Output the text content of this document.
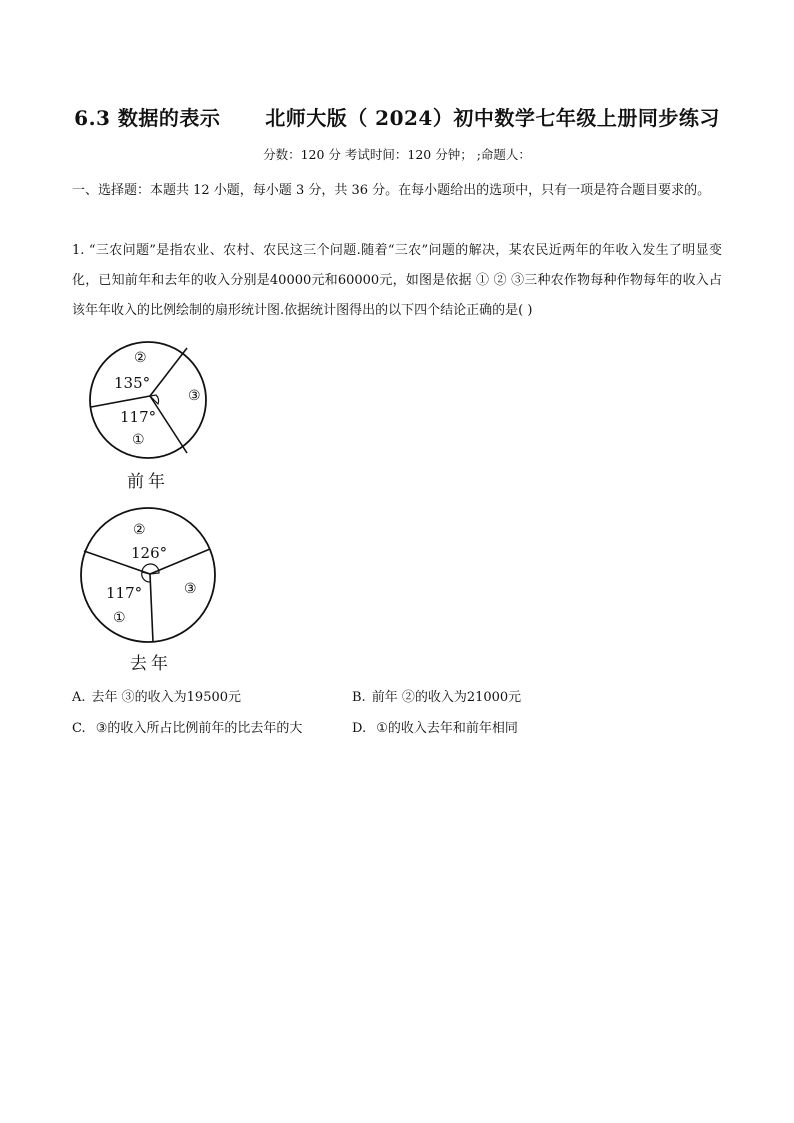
6.3 数据的表示      北师大版（ 2024）初中数学七年级上册同步练习
分数：120 分 考试时间：120 分钟； ;命题人：
一、选择题：本题共 12 小题，每小题 3 分，共 36 分。在每小题给出的选项中，只有一项是符合题目要求的。
1. “三农问题”是指农业、农村、农民这三个问题.随着“三农”问题的解决，某农民近两年的年收入发生了明显变化，已知前年和去年的收入分别是40000元和60000元，如图是依据 ① ② ③三种农作物每种作物每年的收入占该年年收入的比例绘制的扇形统计图.依据统计图得出的以下四个结论正确的是( )
②
135°
③
117°
①
前年
②
126°
③
117°
①
去年
A. 去年 ③的收入为19500元	B. 前年 ②的收入为21000元
C. ③的收入所占比例前年的比去年的大	D. ①的收入去年和前年相同
